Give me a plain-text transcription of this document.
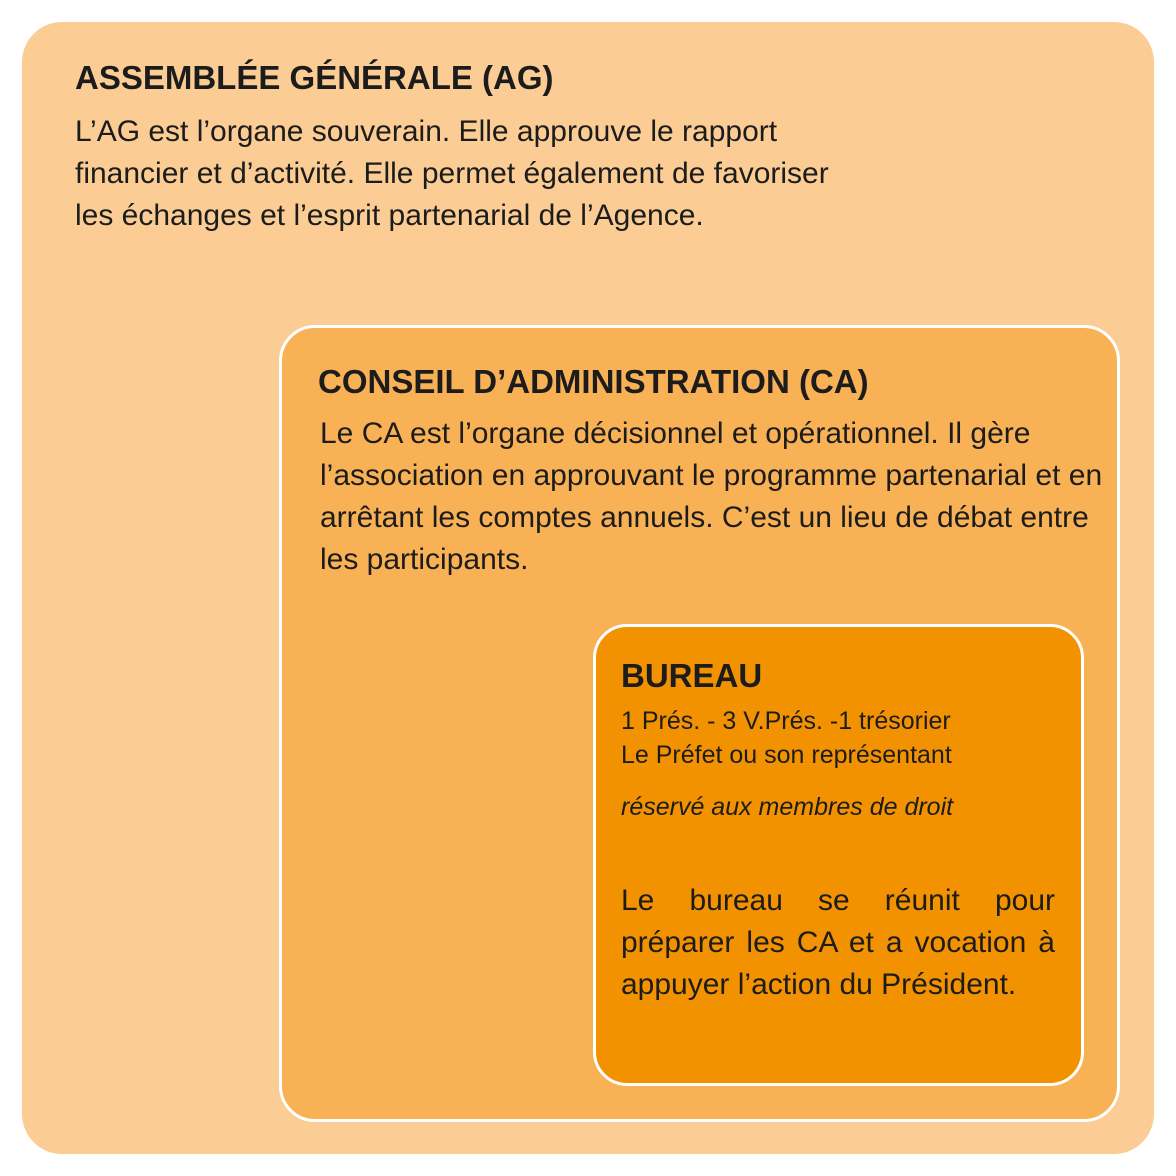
ASSEMBLÉE GÉNÉRALE (AG)

L’AG est l’organe souverain. Elle approuve le rapport financier et d’activité. Elle permet également de favoriser les échanges et l’esprit partenarial de l’Agence.

CONSEIL D’ADMINISTRATION (CA)

Le CA est l’organe décisionnel et opérationnel. Il gère l’association en approuvant le programme partenarial et en arrêtant les comptes annuels. C’est un lieu de débat entre les participants.

BUREAU
1 Prés. - 3 V.Prés. -1 trésorier
Le Préfet ou son représentant

réservé aux membres de droit

Le bureau se réunit pour préparer les CA et a vocation à appuyer l’action du Président.
